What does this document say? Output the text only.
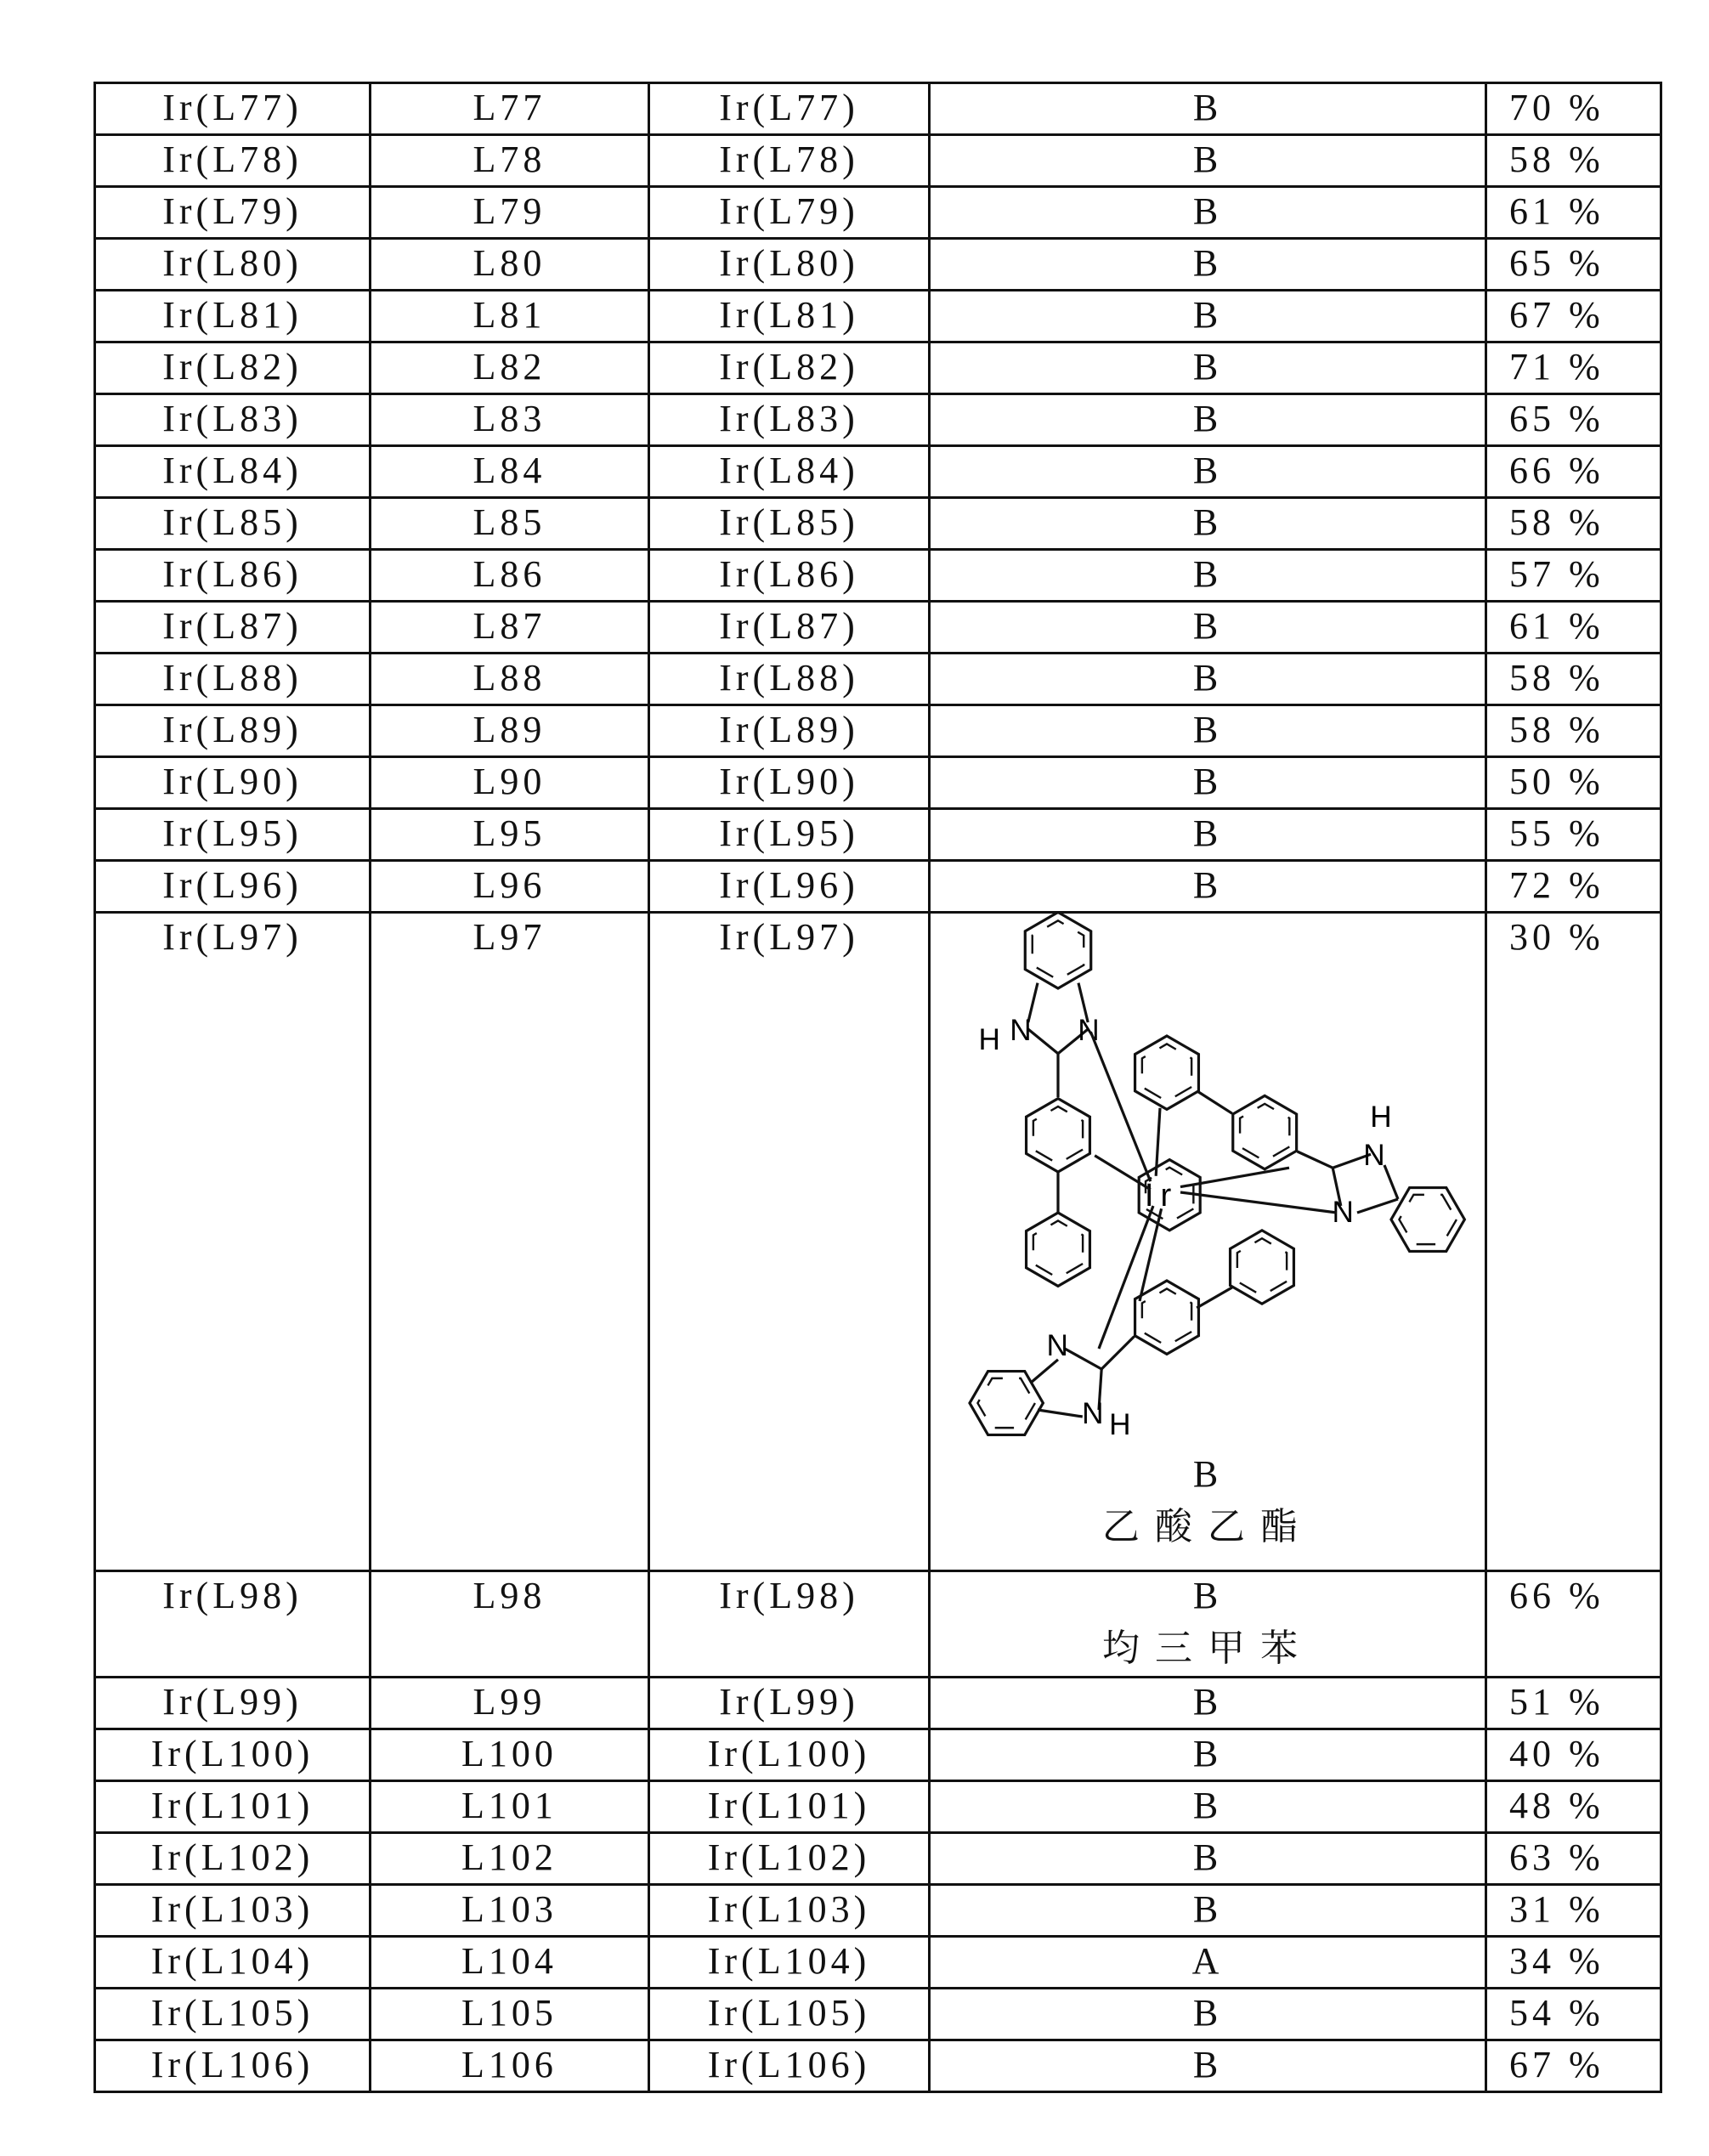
Ir(L77)	L77	Ir(L77)	B	70 %
Ir(L78)	L78	Ir(L78)	B	58 %
Ir(L79)	L79	Ir(L79)	B	61 %
Ir(L80)	L80	Ir(L80)	B	65 %
Ir(L81)	L81	Ir(L81)	B	67 %
Ir(L82)	L82	Ir(L82)	B	71 %
Ir(L83)	L83	Ir(L83)	B	65 %
Ir(L84)	L84	Ir(L84)	B	66 %
Ir(L85)	L85	Ir(L85)	B	58 %
Ir(L86)	L86	Ir(L86)	B	57 %
Ir(L87)	L87	Ir(L87)	B	61 %
Ir(L88)	L88	Ir(L88)	B	58 %
Ir(L89)	L89	Ir(L89)	B	58 %
Ir(L90)	L90	Ir(L90)	B	50 %
Ir(L95)	L95	Ir(L95)	B	55 %
Ir(L96)	L96	Ir(L96)	B	72 %
Ir(L97)	L97	Ir(L97)	
N N
H
N
N
H
N
N
H
Ir
B
乙酸乙酯
	30 %
Ir(L98)	L98	Ir(L98)	B
均三甲苯
	66 %
Ir(L99)	L99	Ir(L99)	B	51 %
Ir(L100)	L100	Ir(L100)	B	40 %
Ir(L101)	L101	Ir(L101)	B	48 %
Ir(L102)	L102	Ir(L102)	B	63 %
Ir(L103)	L103	Ir(L103)	B	31 %
Ir(L104)	L104	Ir(L104)	A	34 %
Ir(L105)	L105	Ir(L105)	B	54 %
Ir(L106)	L106	Ir(L106)	B	67 %
